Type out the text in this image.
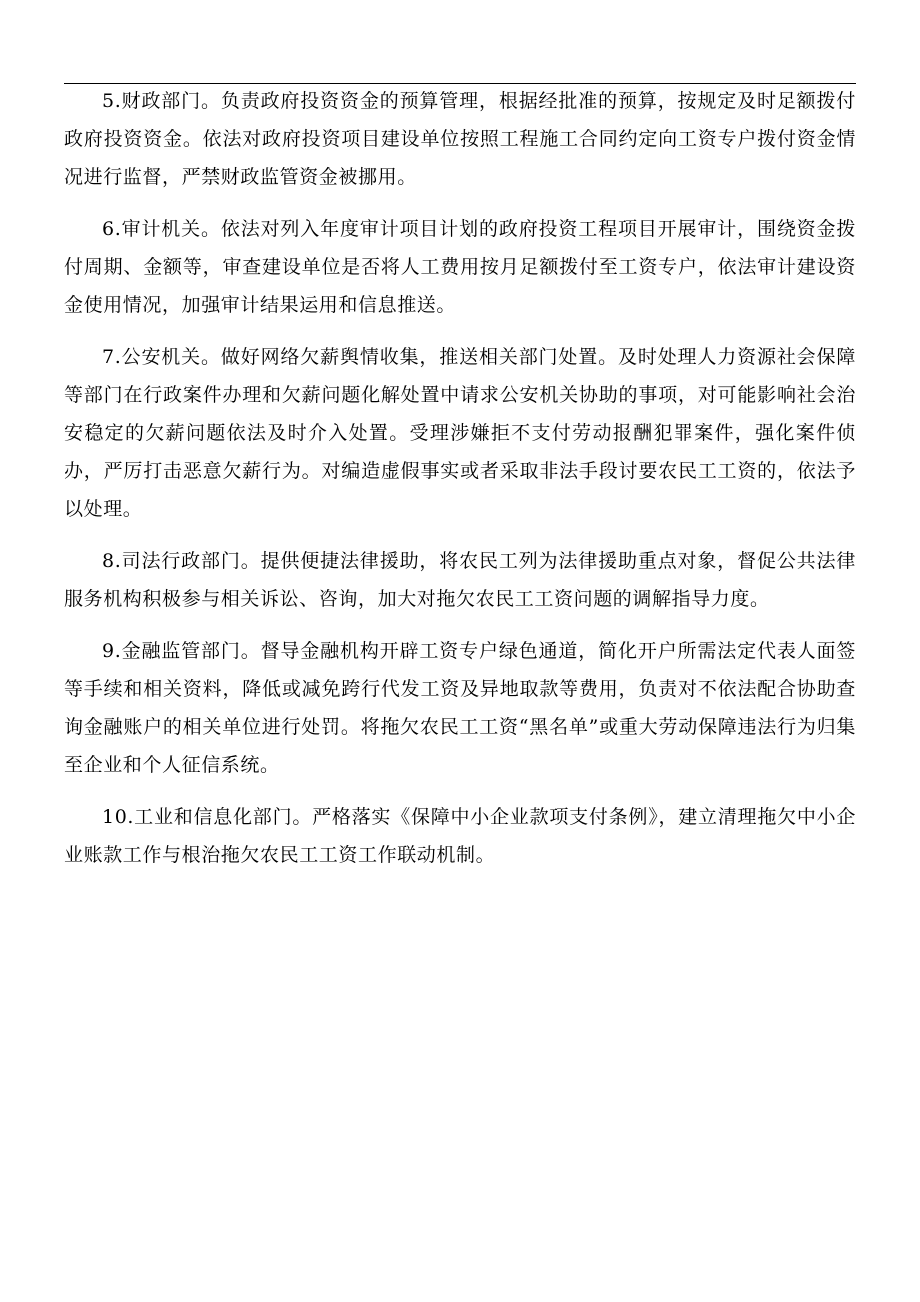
5.财政部门。负责政府投资资金的预算管理，根据经批准的预算，按规定及时足额拨付政府投资资金。依法对政府投资项目建设单位按照工程施工合同约定向工资专户拨付资金情况进行监督，严禁财政监管资金被挪用。

6.审计机关。依法对列入年度审计项目计划的政府投资工程项目开展审计，围绕资金拨付周期、金额等，审查建设单位是否将人工费用按月足额拨付至工资专户，依法审计建设资金使用情况，加强审计结果运用和信息推送。

7.公安机关。做好网络欠薪舆情收集，推送相关部门处置。及时处理人力资源社会保障等部门在行政案件办理和欠薪问题化解处置中请求公安机关协助的事项，对可能影响社会治安稳定的欠薪问题依法及时介入处置。受理涉嫌拒不支付劳动报酬犯罪案件，强化案件侦办，严厉打击恶意欠薪行为。对编造虚假事实或者采取非法手段讨要农民工工资的，依法予以处理。

8.司法行政部门。提供便捷法律援助，将农民工列为法律援助重点对象，督促公共法律服务机构积极参与相关诉讼、咨询，加大对拖欠农民工工资问题的调解指导力度。

9.金融监管部门。督导金融机构开辟工资专户绿色通道，简化开户所需法定代表人面签等手续和相关资料，降低或减免跨行代发工资及异地取款等费用，负责对不依法配合协助查询金融账户的相关单位进行处罚。将拖欠农民工工资“黑名单”或重大劳动保障违法行为归集至企业和个人征信系统。

10.工业和信息化部门。严格落实《保障中小企业款项支付条例》，建立清理拖欠中小企业账款工作与根治拖欠农民工工资工作联动机制。
